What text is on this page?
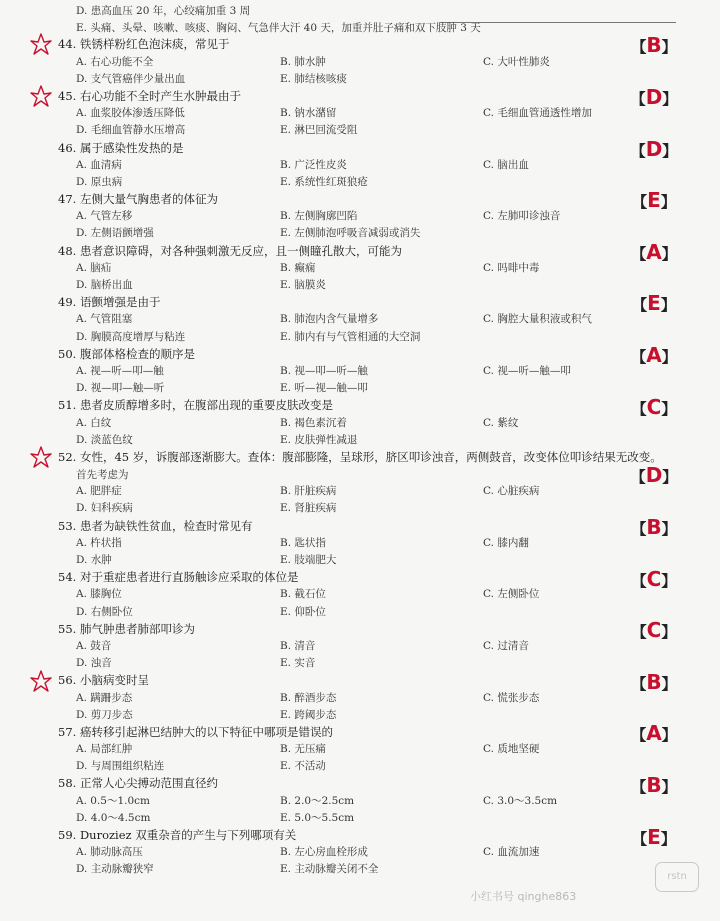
D. 患高血压 20 年，心绞痛加重 3 周
E. 头痛、头晕、咳嗽、咳痰、胸闷、气急伴大汗 40 天，加重并肚子痛和双下肢肿 3 天
44. 铁锈样粉红色泡沫痰，常见于
A. 右心功能不全	B. 肺水肿	C. 大叶性肺炎
D. 支气管癌伴少量出血	E. 肺结核咳痰
45. 右心功能不全时产生水肿最由于
A. 血浆胶体渗透压降低	B. 钠水潴留	C. 毛细血管通透性增加
D. 毛细血管静水压增高	E. 淋巴回流受阻
46. 属于感染性发热的是
A. 血清病	B. 广泛性皮炎	C. 脑出血
D. 原虫病	E. 系统性红斑狼疮
47. 左侧大量气胸患者的体征为
A. 气管左移	B. 左侧胸廓凹陷	C. 左肺叩诊浊音
D. 左侧语颤增强	E. 左侧肺泡呼吸音减弱或消失
48. 患者意识障碍，对各种强刺激无反应，且一侧瞳孔散大，可能为
A. 脑疝	B. 癫痫	C. 吗啡中毒
D. 脑桥出血	E. 脑膜炎
49. 语颤增强是由于
A. 气管阻塞	B. 肺泡内含气量增多	C. 胸腔大量积液或积气
D. 胸膜高度增厚与粘连	E. 肺内有与气管相通的大空洞
50. 腹部体格检查的顺序是
A. 视—听—叩—触	B. 视—叩—听—触	C. 视—听—触—叩
D. 视—叩—触—听	E. 听—视—触—叩
51. 患者皮质醇增多时，在腹部出现的重要皮肤改变是
A. 白纹	B. 褐色素沉着	C. 紫纹
D. 淡蓝色纹	E. 皮肤弹性减退
52. 女性，45 岁，诉腹部逐渐膨大。查体：腹部膨隆，呈球形，脐区叩诊浊音，两侧鼓音，改变体位叩诊结果无改变。
首先考虑为
A. 肥胖症	B. 肝脏疾病	C. 心脏疾病
D. 妇科疾病	E. 肾脏疾病
53. 患者为缺铁性贫血，检查时常见有
A. 杵状指	B. 匙状指	C. 膝内翻
D. 水肿	E. 肢端肥大
54. 对于重症患者进行直肠触诊应采取的体位是
A. 膝胸位	B. 截石位	C. 左侧卧位
D. 右侧卧位	E. 仰卧位
55. 肺气肿患者肺部叩诊为
A. 鼓音	B. 清音	C. 过清音
D. 浊音	E. 实音
56. 小脑病变时呈
A. 蹒跚步态	B. 醉酒步态	C. 慌张步态
D. 剪刀步态	E. 跨阈步态
57. 癌转移引起淋巴结肿大的以下特征中哪项是错误的
A. 局部红肿	B. 无压痛	C. 质地坚硬
D. 与周围组织粘连	E. 不活动
58. 正常人心尖搏动范围直径约
A. 0.5～1.0cm	B. 2.0～2.5cm	C. 3.0～3.5cm
D. 4.0～4.5cm	E. 5.0～5.5cm
59. Duroziez 双重杂音的产生与下列哪项有关
A. 肺动脉高压	B. 左心房血栓形成	C. 血流加速
D. 主动脉瓣狭窄	E. 主动脉瓣关闭不全
【B】
【D】
【D】
【E】
【A】
【E】
【A】
【C】
【D】
【B】
【C】
【C】
【B】
【A】
【B】
【E】
rstn
小红书号 qinghe863
